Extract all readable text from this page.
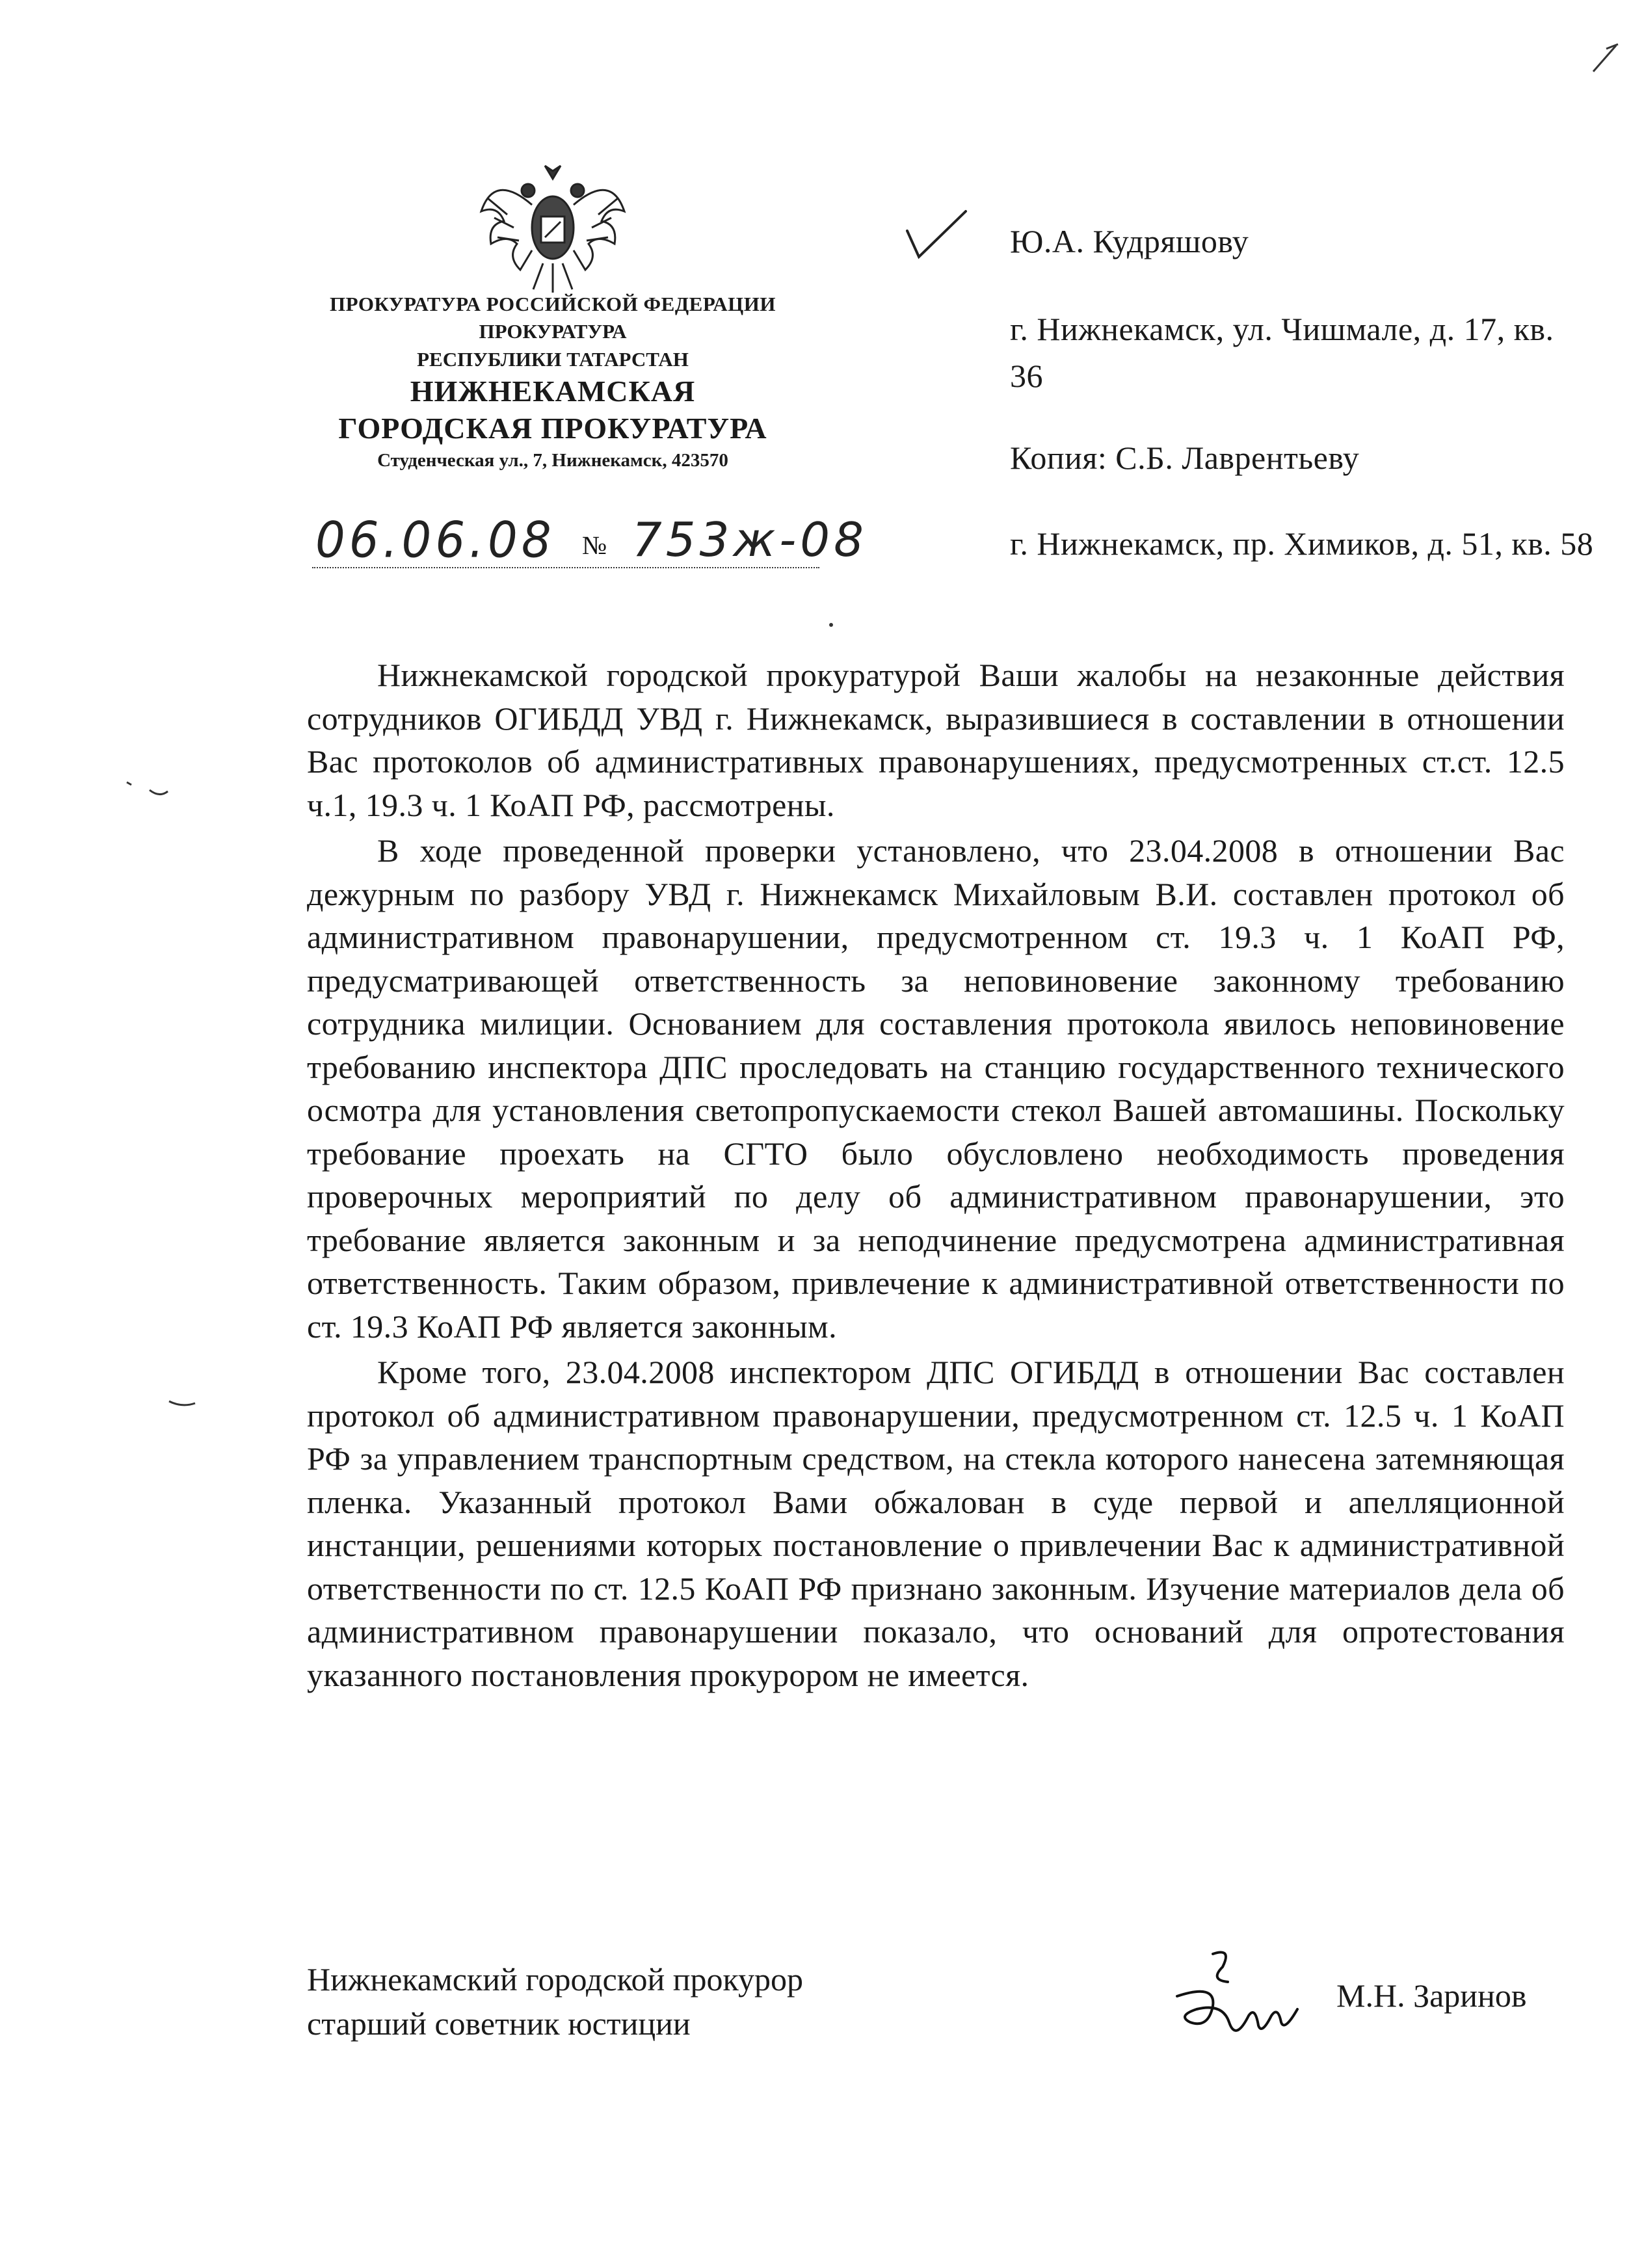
ПРОКУРАТУРА РОССИЙСКОЙ ФЕДЕРАЦИИ
ПРОКУРАТУРА
РЕСПУБЛИКИ ТАТАРСТАН
НИЖНЕКАМСКАЯ
ГОРОДСКАЯ ПРОКУРАТУРА
Студенческая ул., 7, Нижнекамск, 423570
06.06.08 № 753ж-08
Ю.А. Кудряшову
г. Нижнекамск, ул. Чишмале, д. 17, кв. 36
Копия: С.Б. Лаврентьеву
г. Нижнекамск, пр. Химиков, д. 51, кв. 58

Нижнекамской городской прокуратурой Ваши жалобы на незаконные действия сотрудников ОГИБДД УВД г. Нижнекамск, выразившиеся в составлении в отношении Вас протоколов об административных правонарушениях, предусмотренных ст.ст. 12.5 ч.1, 19.3 ч. 1 КоАП РФ, рассмотрены.

В ходе проведенной проверки установлено, что 23.04.2008 в отношении Вас дежурным по разбору УВД г. Нижнекамск Михайловым В.И. составлен протокол об административном правонарушении, предусмотренном ст. 19.3 ч. 1 КоАП РФ, предусматривающей ответственность за неповиновение законному требованию сотрудника милиции. Основанием для составления протокола явилось неповиновение требованию инспектора ДПС проследовать на станцию государственного технического осмотра для установления светопропускаемости стекол Вашей автомашины. Поскольку требование проехать на СГТО было обусловлено необходимость проведения проверочных мероприятий по делу об административном правонарушении, это требование является законным и за неподчинение предусмотрена административная ответственность. Таким образом, привлечение к административной ответственности по ст. 19.3 КоАП РФ является законным.

Кроме того, 23.04.2008 инспектором ДПС ОГИБДД в отношении Вас составлен протокол об административном правонарушении, предусмотренном ст. 12.5 ч. 1 КоАП РФ за управлением транспортным средством, на стекла которого нанесена затемняющая пленка. Указанный протокол Вами обжалован в суде первой и апелляционной инстанции, решениями которых постановление о привлечении Вас к административной ответственности по ст. 12.5 КоАП РФ признано законным. Изучение материалов дела об административном правонарушении показало, что оснований для опротестования указанного постановления прокурором не имеется.

Нижнекамский городской прокурор
старший советник юстиции
М.Н. Заринов
